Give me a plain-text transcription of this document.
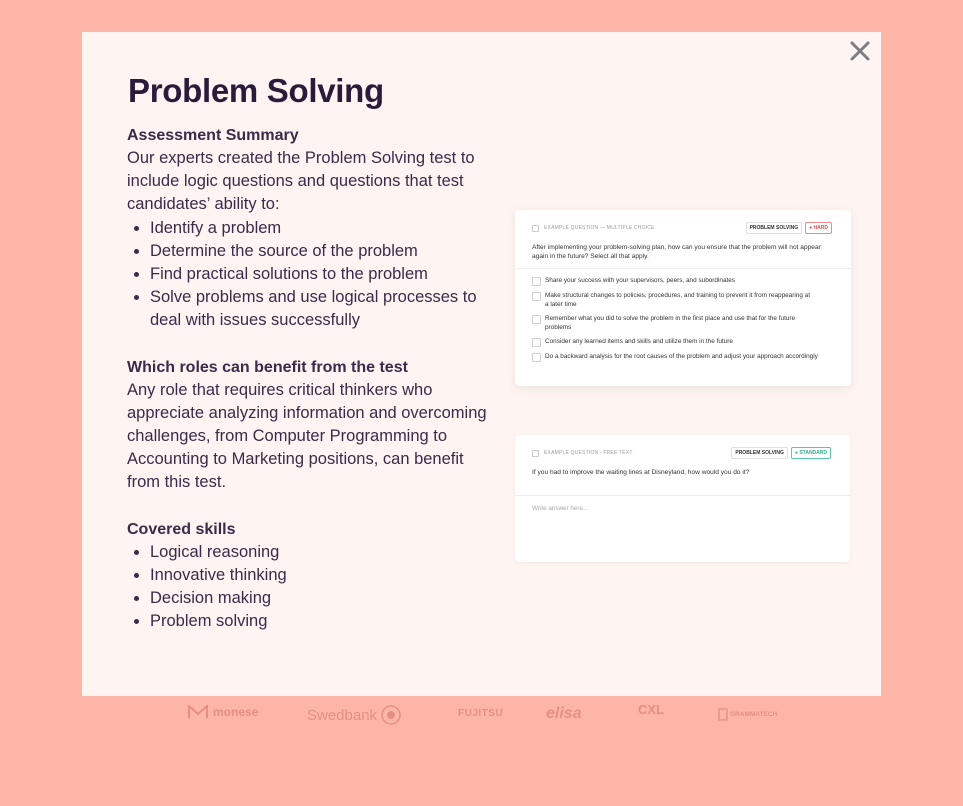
Problem Solving

Assessment Summary

Our experts created the Problem Solving test to include logic questions and questions that test candidates’ ability to:

• Identify a problem
• Determine the source of the problem
• Find practical solutions to the problem
• Solve problems and use logical processes to deal with issues successfully

Which roles can benefit from the test

Any role that requires critical thinkers who appreciate analyzing information and overcoming challenges, from Computer Programming to Accounting to Marketing positions, can benefit from this test.

Covered skills

• Logical reasoning
• Innovative thinking
• Decision making
• Problem solving
EXAMPLE QUESTION — MULTIPLE CHOICE	PROBLEM SOLVING	● HARD
After implementing your problem-solving plan, how can you ensure that the problem will not appear again in the future? Select all that apply.
Share your success with your supervisors, peers, and subordinates
Make structural changes to policies, procedures, and training to prevent it from reappearing at a later time
Remember what you did to solve the problem in the first place and use that for the future problems
Consider any learned items and skills and utilize them in the future
Do a backward analysis for the root causes of the problem and adjust your approach accordingly
EXAMPLE QUESTION - FREE TEXT	PROBLEM SOLVING	● STANDARD
If you had to improve the waiting lines at Disneyland, how would you do it?
Write answer here...
monese	Swedbank	FUJITSU	elisa	CXL	GRAMMATECH
